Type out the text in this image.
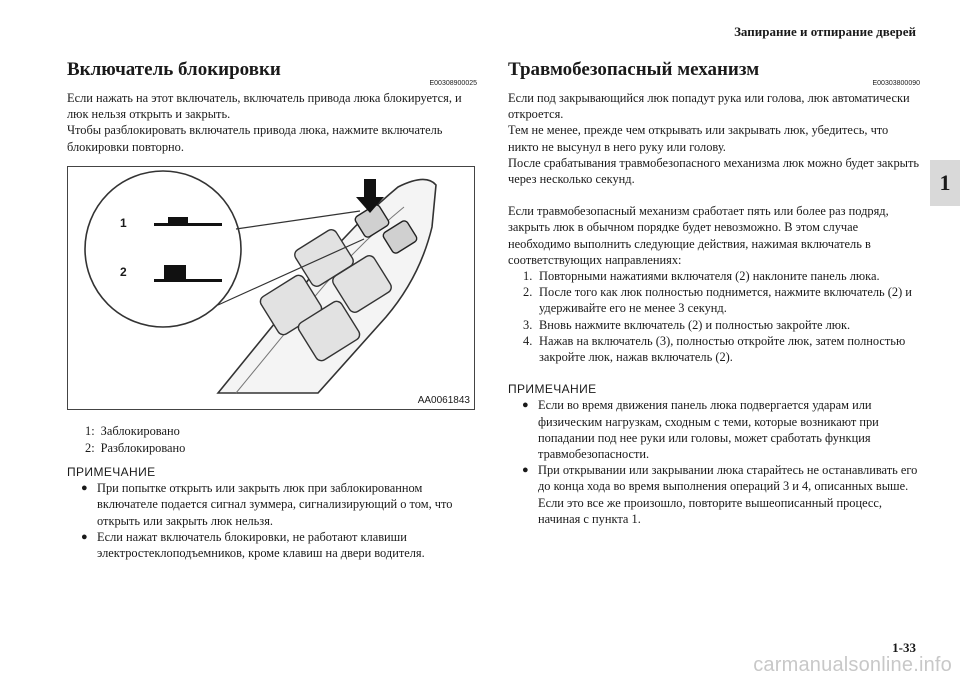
Запирание и отпирание дверей
1
Включатель блокировки
E00308900025

Если нажать на этот включатель, включатель привода люка блокируется, и люк нельзя открыть и закрыть.

Чтобы разблокировать включатель привода люка, нажмите включатель блокировки повторно.

1
2
AA0061843
1: Заблокировано
2: Разблокировано
ПРИМЕЧАНИЕ
● При попытке открыть или закрыть люк при заблокированном включателе подается сигнал зуммера, сигнализирующий о том, что открыть или закрыть люк нельзя.
● Если нажат включатель блокировки, не работают клавиши электростеклоподъемников, кроме клавиш на двери водителя.
Травмобезопасный механизм
E00303800090

Если под закрывающийся люк попадут рука или голова, люк автоматически откроется.

Тем не менее, прежде чем открывать или закрывать люк, убедитесь, что никто не высунул в него руку или голову.

После срабатывания травмобезопасного механизма люк можно будет закрыть через несколько секунд.

Если травмобезопасный механизм сработает пять или более раз подряд, закрыть люк в обычном порядке будет невозможно. В этом случае необходимо выполнить следующие действия, нажимая включатель в соответствующих направлениях:

1. Повторными нажатиями включателя (2) наклоните панель люка.
2. После того как люк полностью поднимется, нажмите включатель (2) и удерживайте его не менее 3 секунд.
3. Вновь нажмите включатель (2) и полностью закройте люк.
4. Нажав на включатель (3), полностью откройте люк, затем полностью закройте люк, нажав включатель (2).
ПРИМЕЧАНИЕ
● Если во время движения панель люка подвергается ударам или физическим нагрузкам, сходным с теми, которые возникают при попадании под нее руки или головы, может сработать функция травмобезопасности.
● При открывании или закрывании люка старайтесь не останавливать его до конца хода во время выполнения операций 3 и 4, описанных выше. Если это все же произошло, повторите вышеописанный процесс, начиная с пункта 1.
1-33
carmanualsonline.info
